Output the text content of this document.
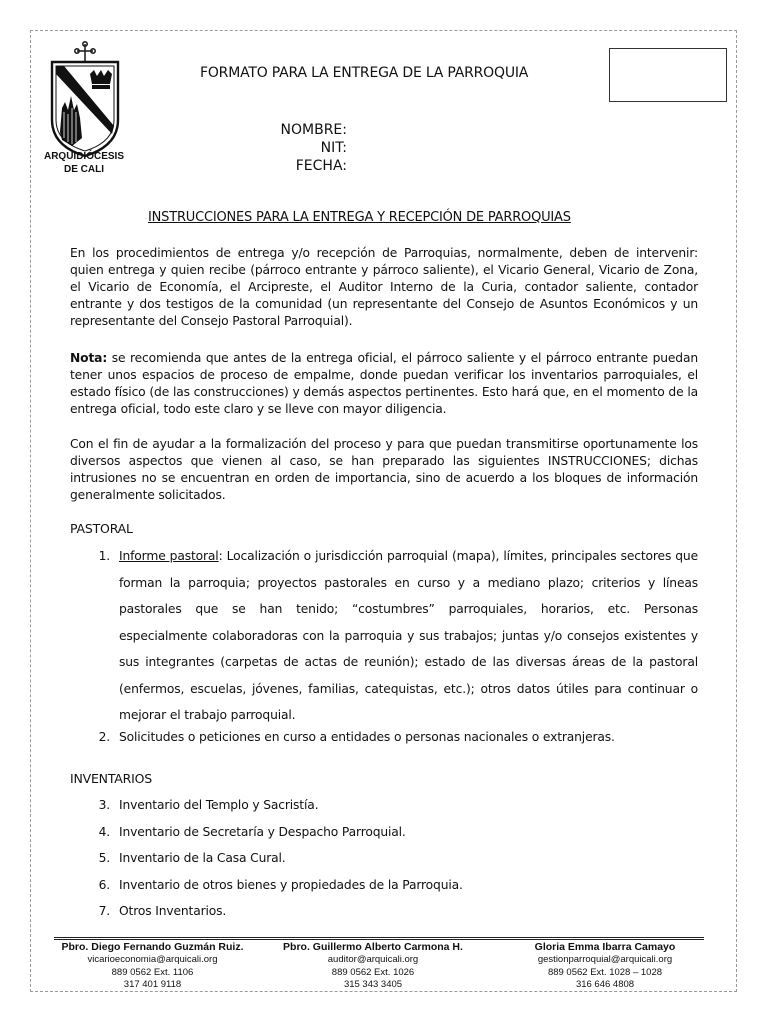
ARQUIDIÓCESIS
DE CALI
FORMATO PARA LA ENTREGA DE LA PARROQUIA
NOMBRE:
NIT:
FECHA:
INSTRUCCIONES PARA LA ENTREGA Y RECEPCIÓN DE PARROQUIAS

En los procedimientos de entrega y/o recepción de Parroquias, normalmente, deben de intervenir: quien entrega y quien recibe (párroco entrante y párroco saliente), el Vicario General, Vicario de Zona, el Vicario de Economía, el Arcipreste, el Auditor Interno de la Curia, contador saliente, contador entrante y dos testigos de la comunidad (un representante del Consejo de Asuntos Económicos y un representante del Consejo Pastoral Parroquial).

Nota: se recomienda que antes de la entrega oficial, el párroco saliente y el párroco entrante puedan tener unos espacios de proceso de empalme, donde puedan verificar los inventarios parroquiales, el estado físico (de las construcciones) y demás aspectos pertinentes. Esto hará que, en el momento de la entrega oficial, todo este claro y se lleve con mayor diligencia.

Con el fin de ayudar a la formalización del proceso y para que puedan transmitirse oportunamente los diversos aspectos que vienen al caso, se han preparado las siguientes INSTRUCCIONES; dichas intrusiones no se encuentran en orden de importancia, sino de acuerdo a los bloques de información generalmente solicitados.

PASTORAL
1. Informe pastoral: Localización o jurisdicción parroquial (mapa), límites, principales sectores que forman la parroquia; proyectos pastorales en curso y a mediano plazo; criterios y líneas pastorales que se han tenido; “costumbres” parroquiales, horarios, etc. Personas especialmente colaboradoras con la parroquia y sus trabajos; juntas y/o consejos existentes y sus integrantes (carpetas de actas de reunión); estado de las diversas áreas de la pastoral (enfermos, escuelas, jóvenes, familias, catequistas, etc.); otros datos útiles para continuar o mejorar el trabajo parroquial.
2. Solicitudes o peticiones en curso a entidades o personas nacionales o extranjeras.
INVENTARIOS
3. Inventario del Templo y Sacristía.
4. Inventario de Secretaría y Despacho Parroquial.
5. Inventario de la Casa Cural.
6. Inventario de otros bienes y propiedades de la Parroquia.
7. Otros Inventarios.
Pbro. Diego Fernando Guzmán Ruiz.
vicarioeconomia@arquicali.org
889 0562 Ext. 1106
317 401 9118
Pbro. Guillermo Alberto Carmona H.
auditor@arquicali.org
889 0562 Ext. 1026
315 343 3405
Gloria Emma Ibarra Camayo
gestionparroquial@arquicali.org
889 0562 Ext. 1028 – 1028
316 646 4808
